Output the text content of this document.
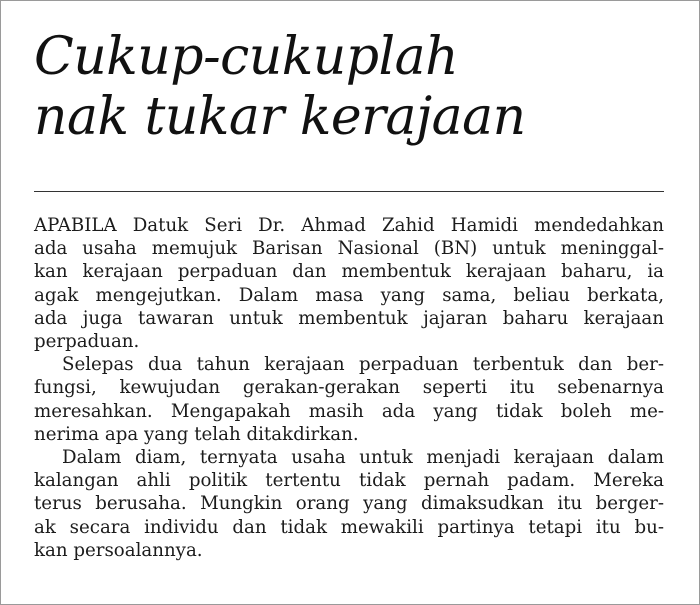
Cukup-cukuplah
nak tukar kerajaan
APABILA Datuk Seri Dr. Ahmad Zahid Hamidi mendedahkan
ada usaha memujuk Barisan Nasional (BN) untuk meninggal-
kan kerajaan perpaduan dan membentuk kerajaan baharu, ia
agak mengejutkan. Dalam masa yang sama, beliau berkata,
ada juga tawaran untuk membentuk jajaran baharu kerajaan
perpaduan.
Selepas dua tahun kerajaan perpaduan terbentuk dan ber-
fungsi, kewujudan gerakan-gerakan seperti itu sebenarnya
meresahkan. Mengapakah masih ada yang tidak boleh me-
nerima apa yang telah ditakdirkan.
Dalam diam, ternyata usaha untuk menjadi kerajaan dalam
kalangan ahli politik tertentu tidak pernah padam. Mereka
terus berusaha. Mungkin orang yang dimaksudkan itu berger-
ak secara individu dan tidak mewakili partinya tetapi itu bu-
kan persoalannya.
